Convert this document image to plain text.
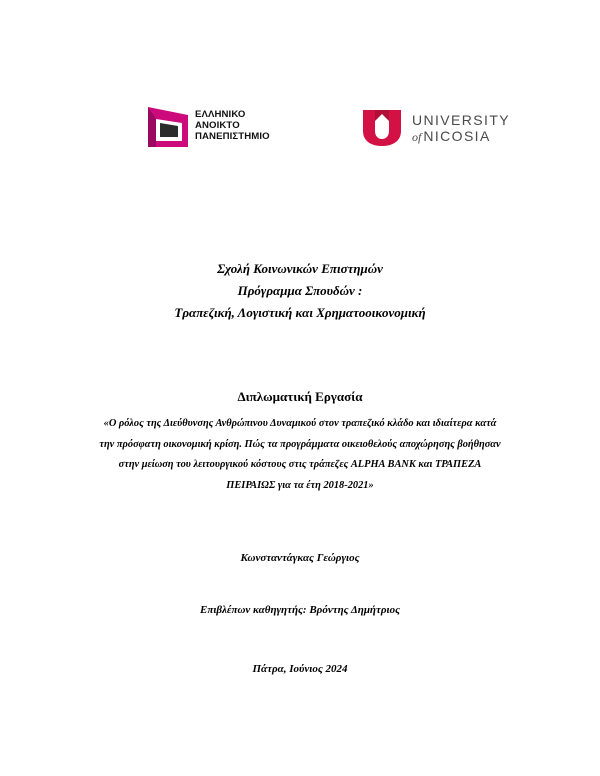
ΕΛΛΗΝΙΚΟ
ΑΝΟΙΚΤΟ
ΠΑΝΕΠΙΣΤΗΜΙΟ
UNIVERSITY
of NICOSIA
Σχολή Κοινωνικών Επιστημών
Πρόγραμμα Σπουδών :
Τραπεζική, Λογιστική και Χρηματοοικονομική
Διπλωματική Εργασία
«Ο ρόλος της Διεύθυνσης Ανθρώπινου Δυναμικού στον τραπεζικό κλάδο και ιδιαίτερα κατά
την πρόσφατη οικονομική κρίση. Πώς τα προγράμματα οικειοθελούς αποχώρησης βοήθησαν
στην μείωση του λειτουργικού κόστους στις τράπεζες ALPHA BANK και ΤΡΑΠΕΖΑ
ΠΕΙΡΑΙΩΣ για τα έτη 2018-2021»
Κωνσταντάγκας Γεώργιος
Επιβλέπων καθηγητής: Βρόντης Δημήτριος
Πάτρα, Ιούνιος 2024
